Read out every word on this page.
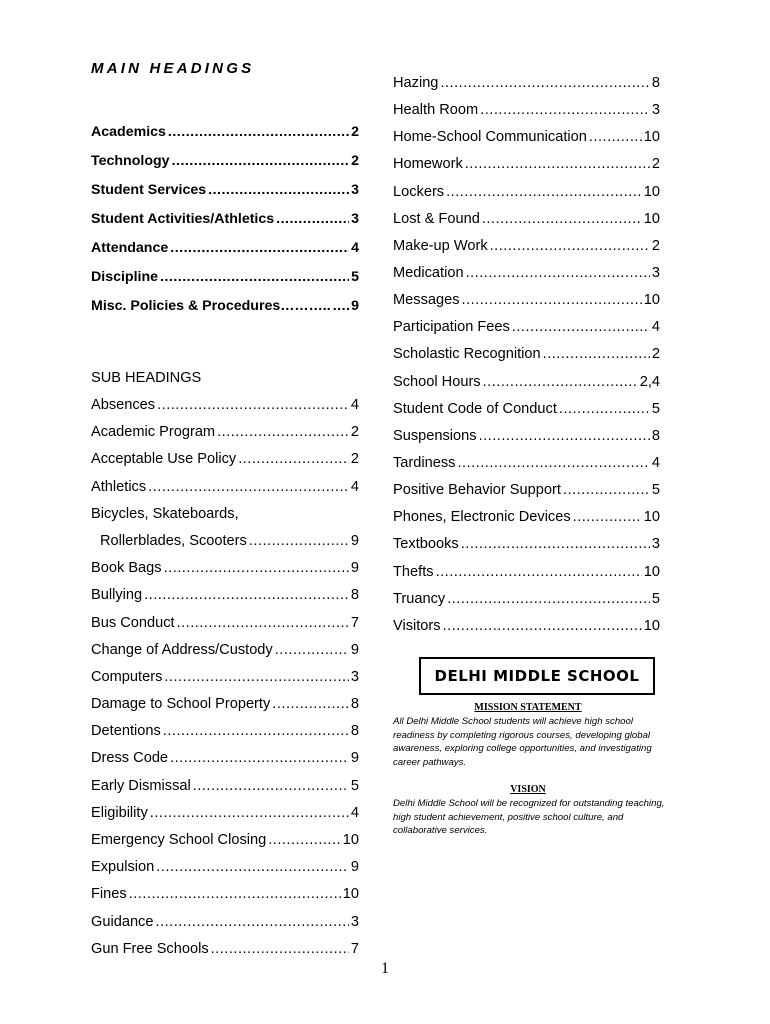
MAIN HEADINGS
Academics .....	2
Technology .....	2
Student Services .....	3
Student Activities/Athletics .....	3
Attendance .....	4
Discipline .....	5
Misc. Policies & Procedures……….. ..... 9
SUB HEADINGS
Absences .....	4
Academic Program .....	2
Acceptable Use Policy .....	2
Athletics .....	4
Bicycles, Skateboards,
Rollerblades, Scooters .....	9
Book Bags .....	9
Bullying .....	8
Bus Conduct .....	7
Change of Address/Custody .....	9
Computers .....	3
Damage to School Property .....	8
Detentions .....	8
Dress Code .....	9
Early Dismissal .....	5
Eligibility .....	4
Emergency School Closing .....	10
Expulsion .....	9
Fines .....	10
Guidance .....	3
Gun Free Schools .....	7
Hazing .....	8
Health Room .....	3
Home-School Communication .....	10
Homework .....	2
Lockers .....	10
Lost & Found .....	10
Make-up Work .....	2
Medication .....	3
Messages .....	10
Participation Fees .....	4
Scholastic Recognition .....	2
School Hours .....	2,4
Student Code of Conduct .....	5
Suspensions .....	8
Tardiness .....	4
Positive Behavior Support .....	5
Phones, Electronic Devices .....	10
Textbooks .....	3
Thefts .....	10
Truancy .....	5
Visitors .....	10
DELHI MIDDLE SCHOOL
MISSION STATEMENT
All Delhi Middle School students will achieve high school readiness by completing rigorous courses, developing global awareness, exploring college opportunities, and investigating career pathways.
VISION
Delhi Middle School will be recognized for outstanding teaching, high student achievement, positive school culture, and collaborative services.
1
